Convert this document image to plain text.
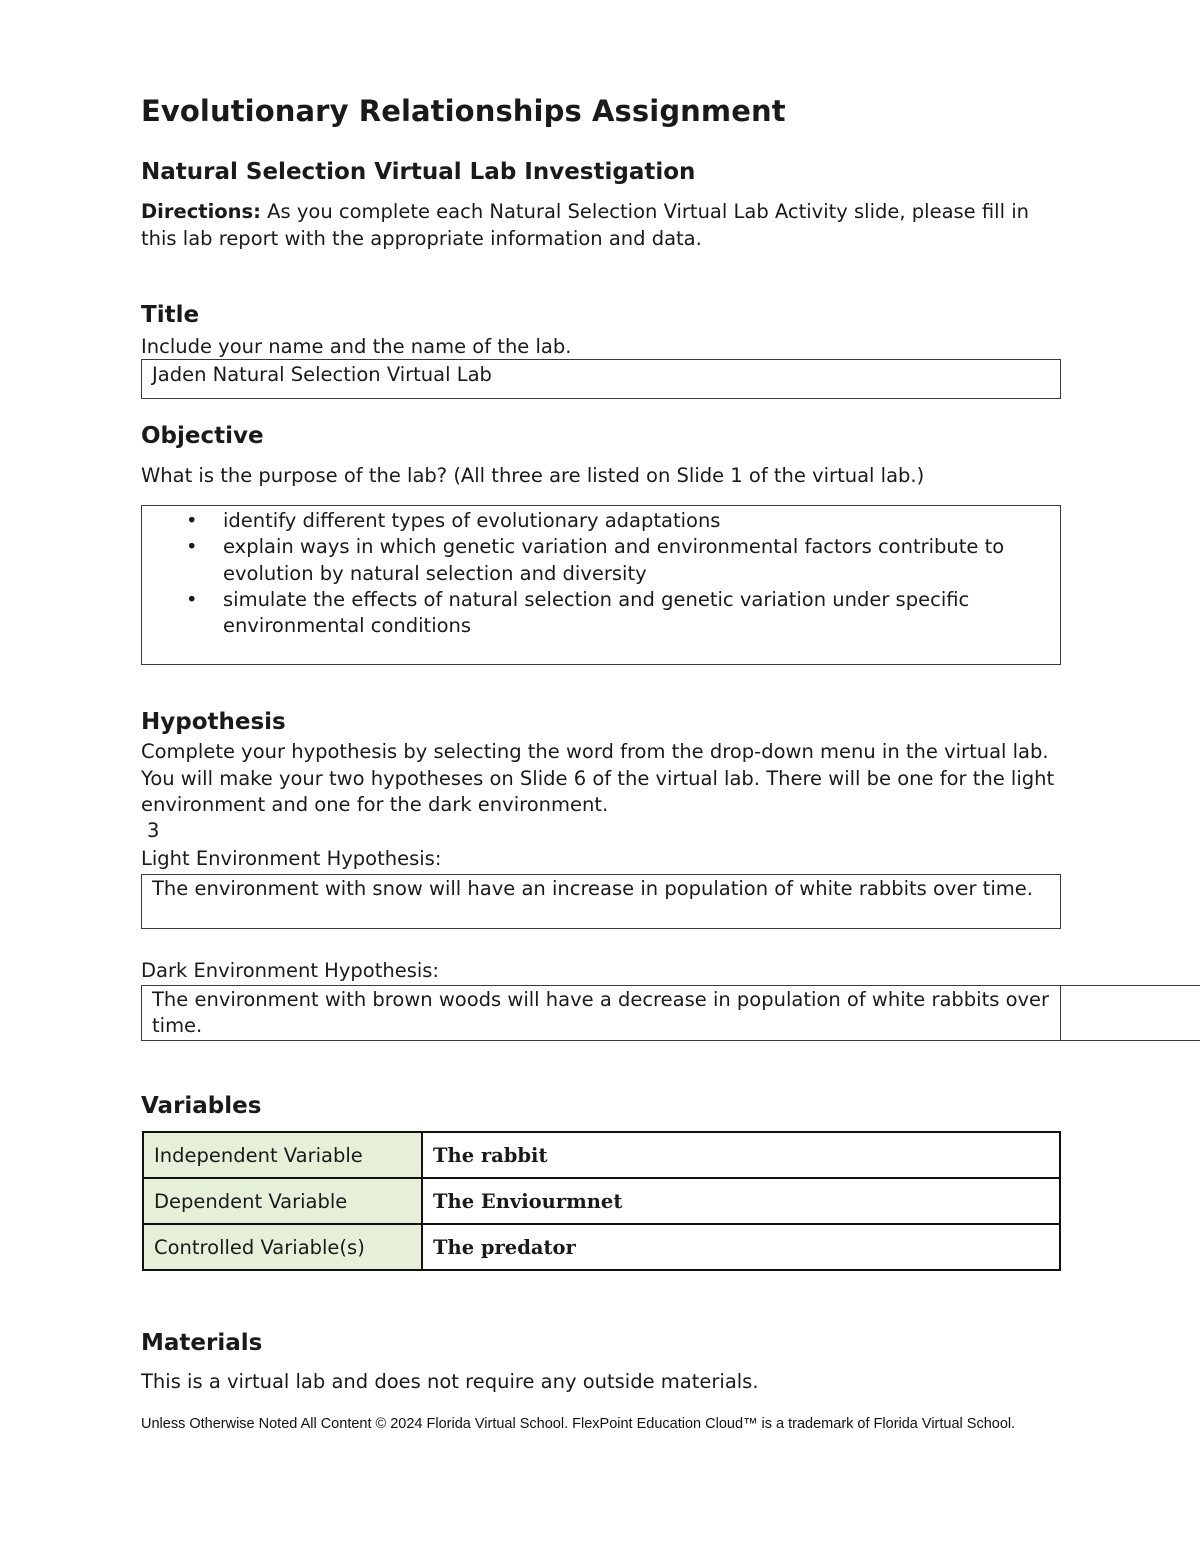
Evolutionary Relationships Assignment
Natural Selection Virtual Lab Investigation
Directions: As you complete each Natural Selection Virtual Lab Activity slide, please fill in this lab report with the appropriate information and data.
Title
Include your name and the name of the lab.
Jaden Natural Selection Virtual Lab
Objective
What is the purpose of the lab? (All three are listed on Slide 1 of the virtual lab.)
• identify different types of evolutionary adaptations
• explain ways in which genetic variation and environmental factors contribute to evolution by natural selection and diversity
• simulate the effects of natural selection and genetic variation under specific environmental conditions
Hypothesis
Complete your hypothesis by selecting the word from the drop-down menu in the virtual lab. You will make your two hypotheses on Slide 6 of the virtual lab. There will be one for the light environment and one for the dark environment.
3
Light Environment Hypothesis:
The environment with snow will have an increase in population of white rabbits over time.
Dark Environment Hypothesis:
The environment with brown woods will have a decrease in population of white rabbits over time.
Variables
Independent Variable	The rabbit
Dependent Variable	The Enviourmnet
Controlled Variable(s)	The predator
Materials
This is a virtual lab and does not require any outside materials.
Unless Otherwise Noted All Content © 2024 Florida Virtual School. FlexPoint Education Cloud™ is a trademark of Florida Virtual School.
